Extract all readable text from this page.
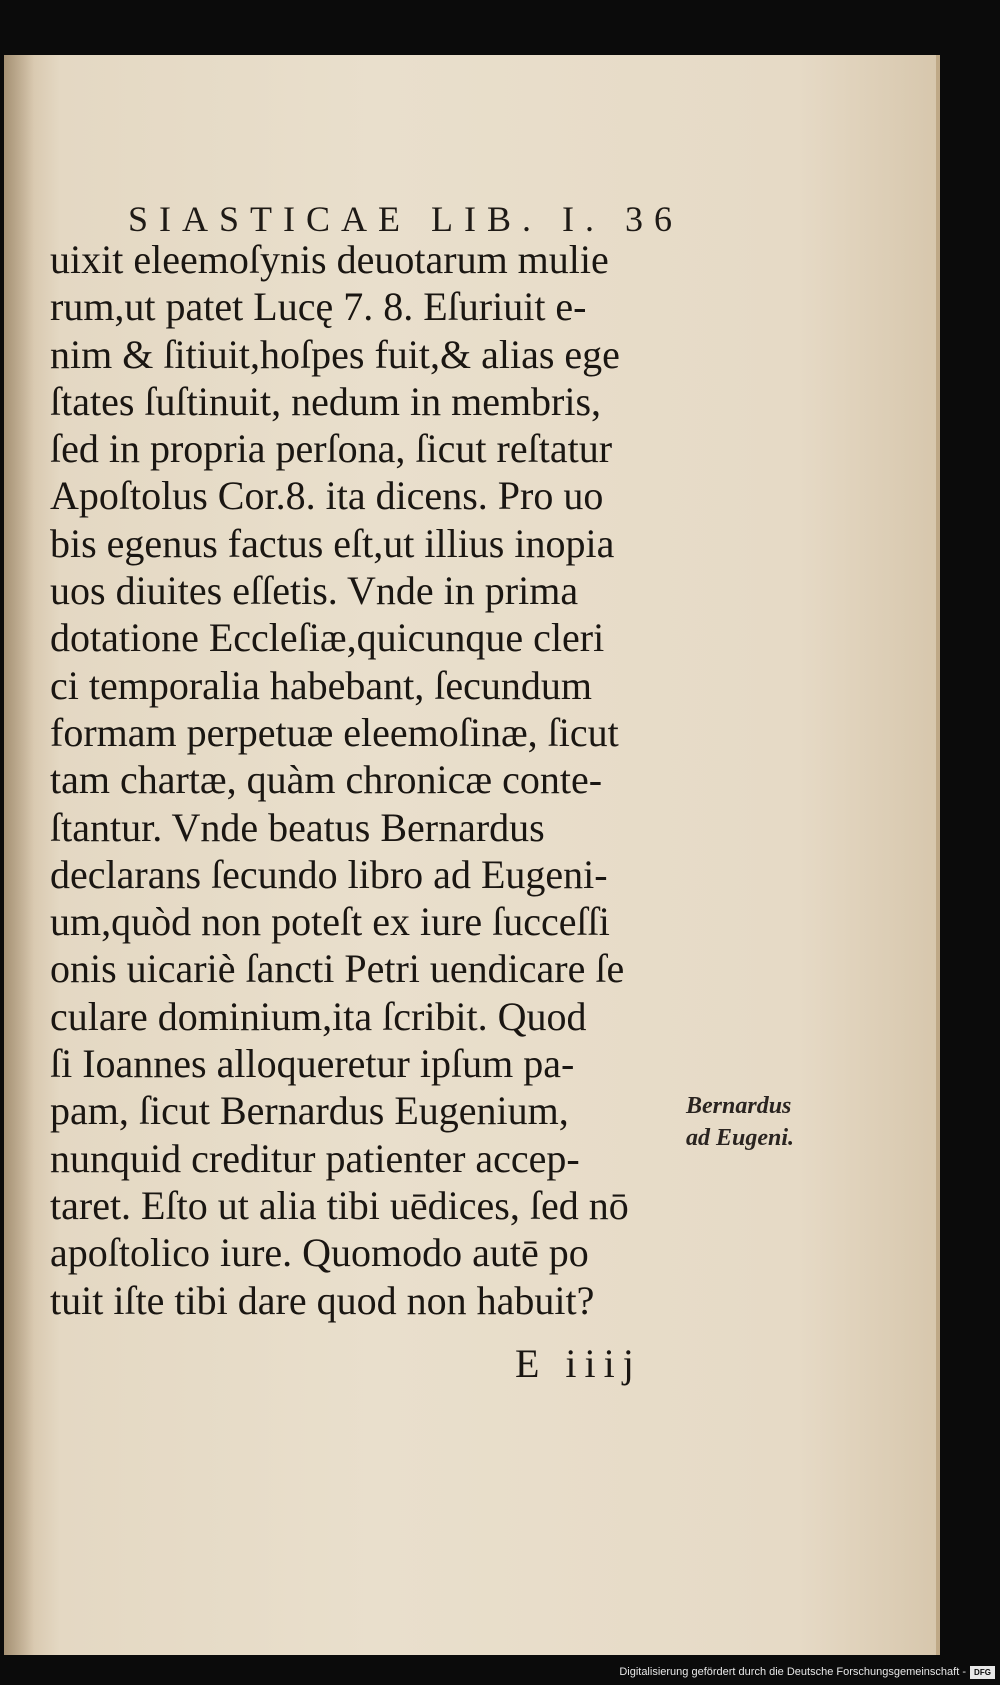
SIASTICAE LIB. I. 36
uixit eleemoſynis deuotarum mulie
rum,ut patet Lucę 7. 8. Eſuriuit e-
nim & ſitiuit,hoſpes fuit,& alias ege
ſtates ſuſtinuit, nedum in membris,
ſed in propria perſona, ſicut reſtatur
Apoſtolus Cor.8. ita dicens. Pro uo
bis egenus factus eſt,ut illius inopia
uos diuites eſſetis. Vnde in prima
dotatione Eccleſiæ,quicunque cleri
ci temporalia habebant, ſecundum
formam perpetuæ eleemoſinæ, ſicut
tam chartæ, quàm chronicæ conte-
ſtantur. Vnde beatus Bernardus
declarans ſecundo libro ad Eugeni-
um,quòd non poteſt ex iure ſucceſſi
onis uicariè ſancti Petri uendicare ſe
culare dominium,ita ſcribit. Quod
ſi Ioannes alloqueretur ipſum pa-
pam, ſicut Bernardus Eugenium,
nunquid creditur patienter accep-
taret. Eſto ut alia tibi uēdices, ſed nō
apoſtolico iure. Quomodo autē po
tuit iſte tibi dare quod non habuit?
Bernardus
ad Eugeni.
E iiij
Digitalisierung gefördert durch die Deutsche Forschungsgemeinschaft -	DFG
